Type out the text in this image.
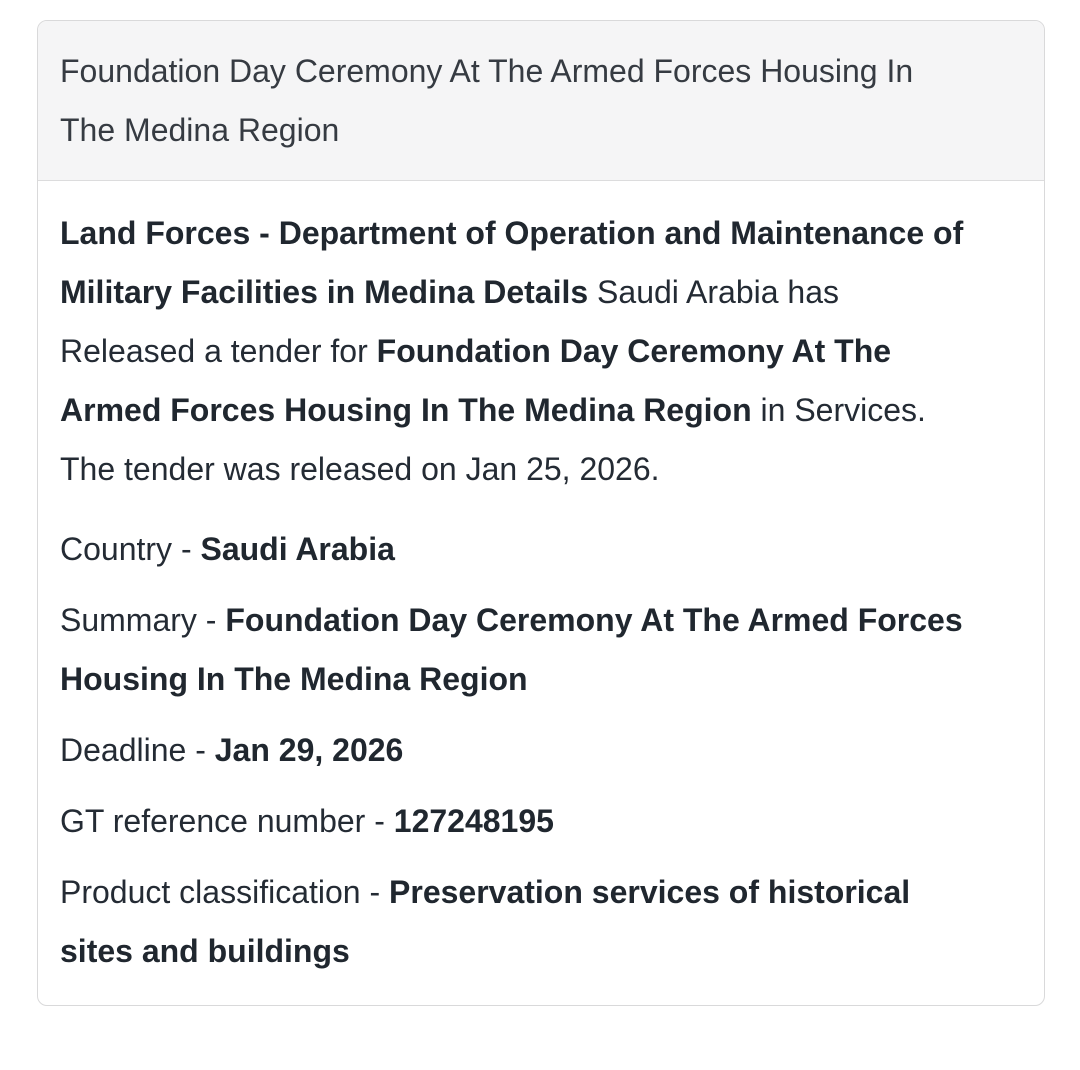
Foundation Day Ceremony At The Armed Forces Housing In The Medina Region

Land Forces - Department of Operation and Maintenance of Military Facilities in Medina Details Saudi Arabia has Released a tender for Foundation Day Ceremony At The Armed Forces Housing In The Medina Region in Services. The tender was released on Jan 25, 2026.

Country - Saudi Arabia

Summary - Foundation Day Ceremony At The Armed Forces Housing In The Medina Region

Deadline - Jan 29, 2026

GT reference number - 127248195

Product classification - Preservation services of historical sites and buildings
